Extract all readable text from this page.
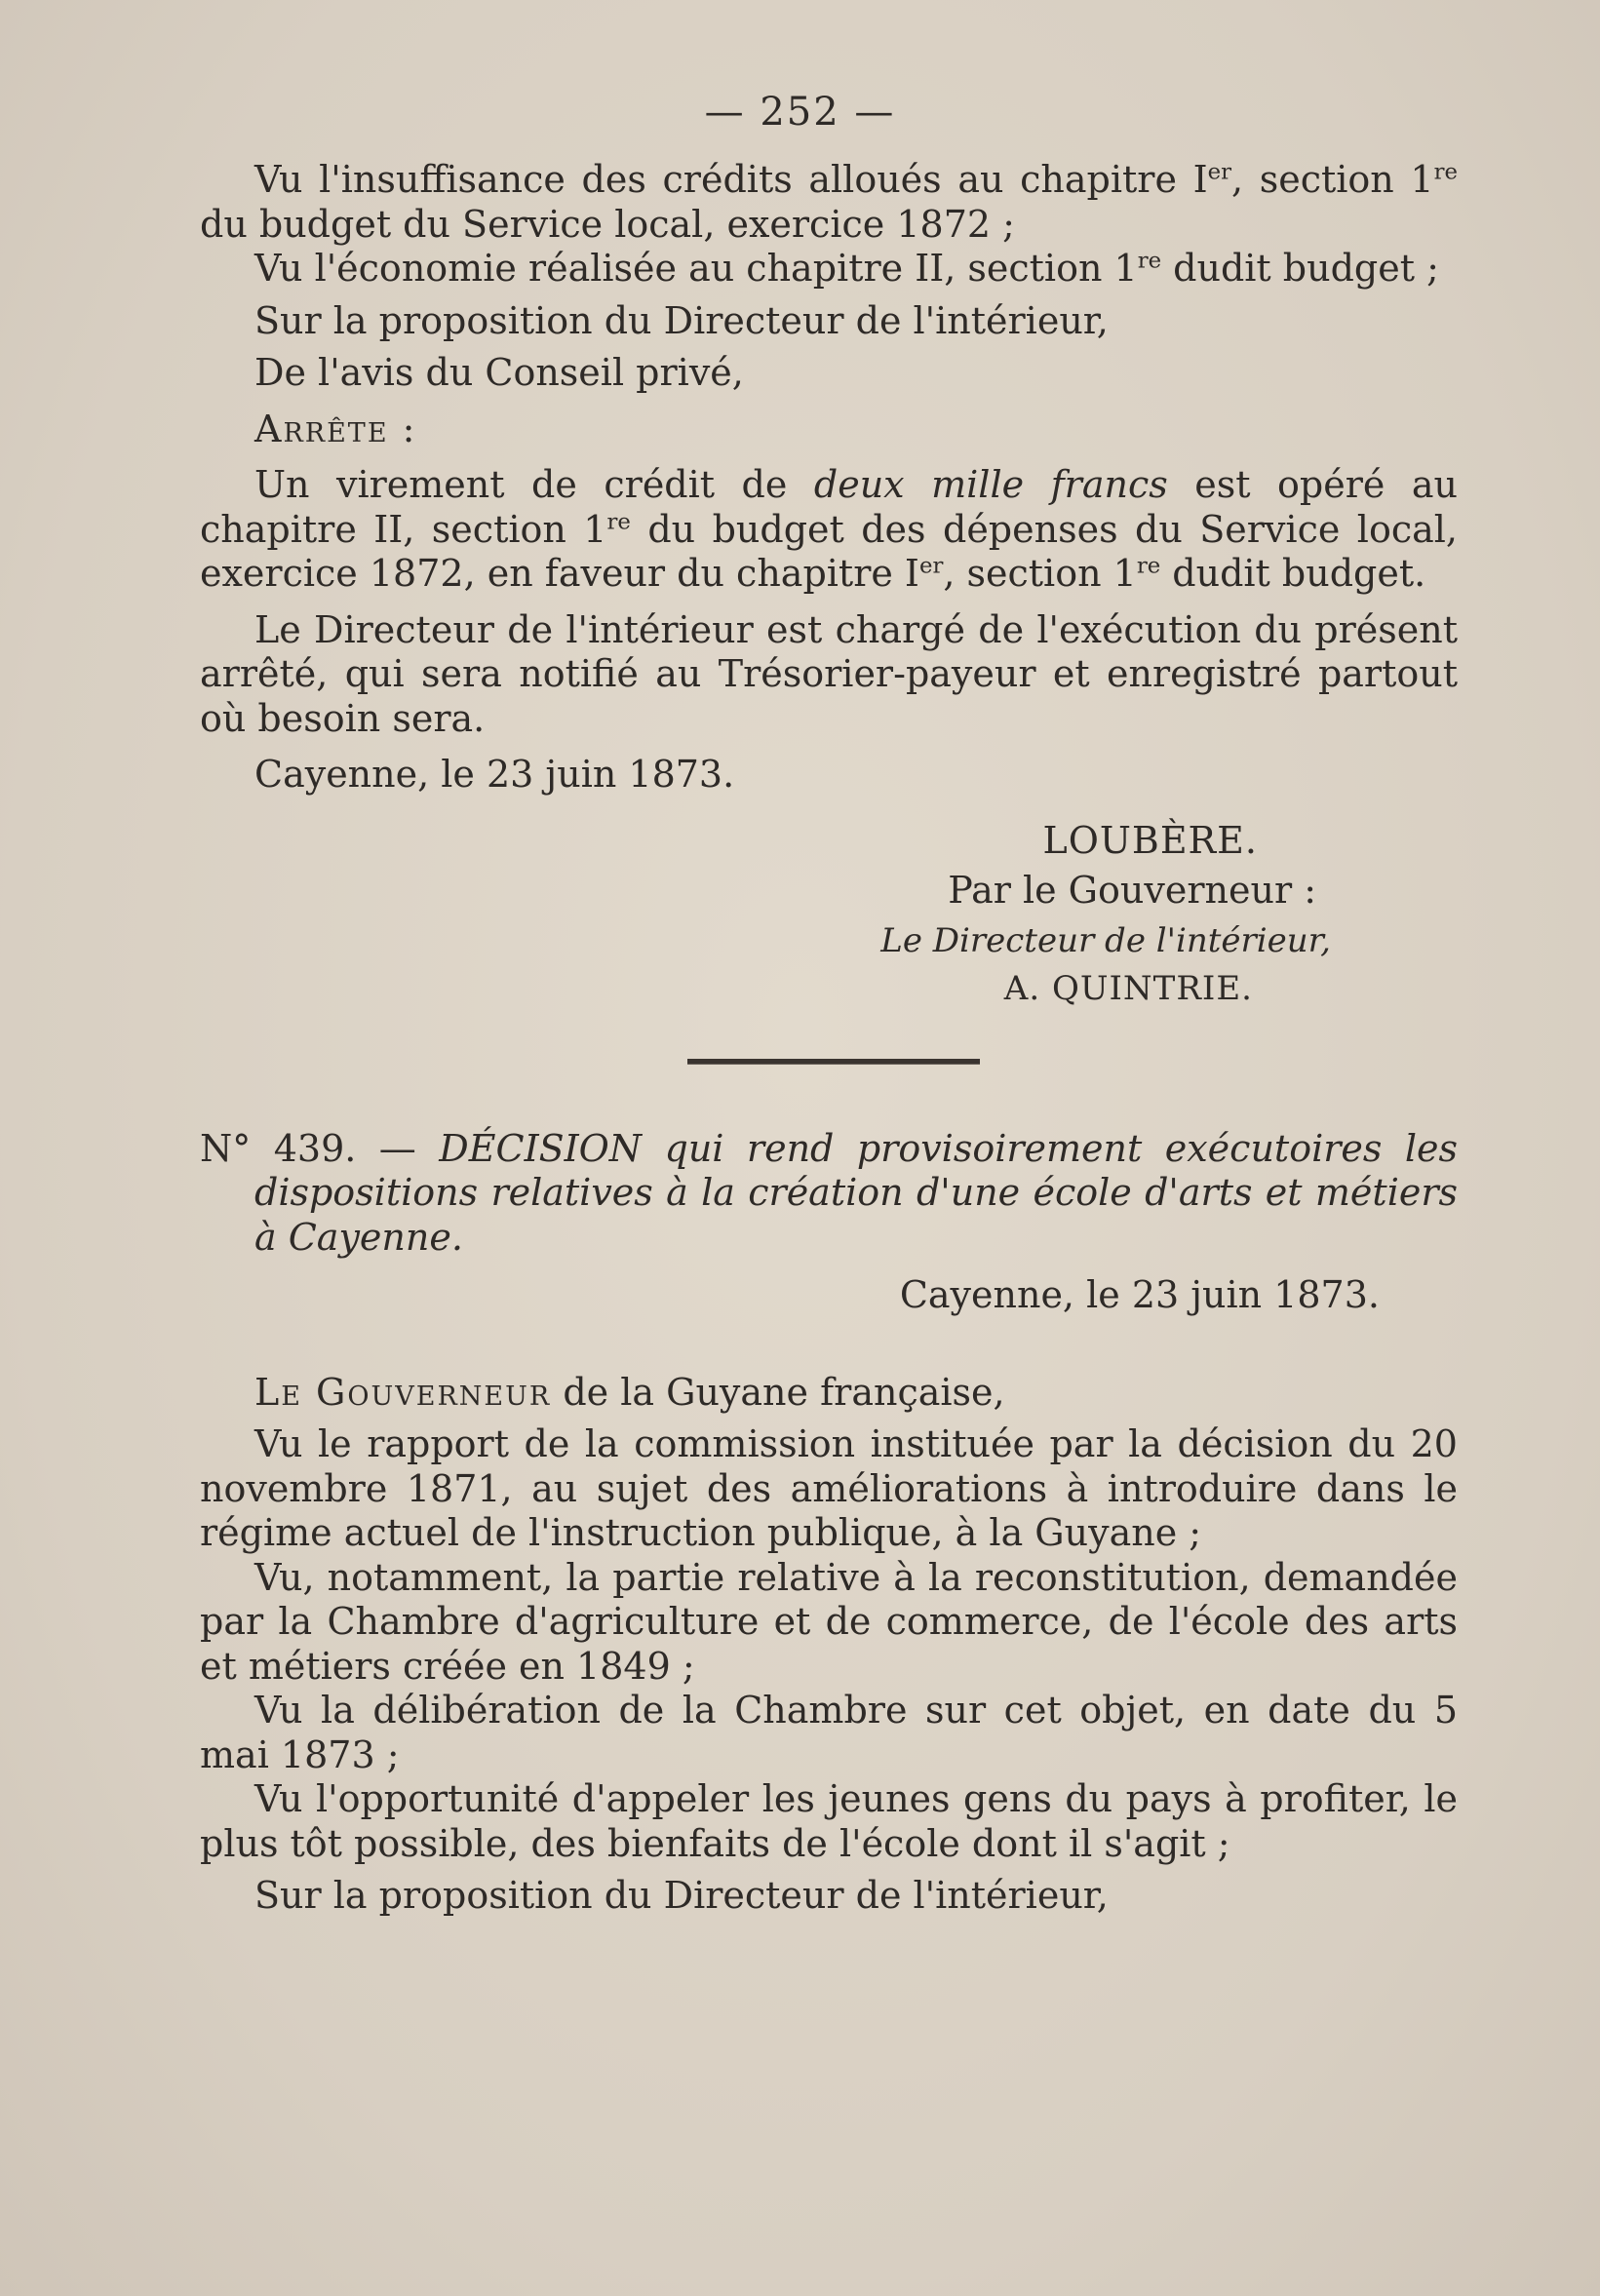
— 252 —

Vu l'insuffisance des crédits alloués au chapitre Ier, section 1re du budget du Service local, exercice 1872 ;

Vu l'économie réalisée au chapitre II, section 1re dudit budget ;

Sur la proposition du Directeur de l'intérieur,

De l'avis du Conseil privé,

Arrête :

Un virement de crédit de deux mille francs est opéré au chapitre II, section 1re du budget des dépenses du Service local, exercice 1872, en faveur du chapitre Ier, section 1re dudit budget.

Le Directeur de l'intérieur est chargé de l'exécution du présent arrêté, qui sera notifié au Trésorier-payeur et enregistré partout où besoin sera.

Cayenne, le 23 juin 1873.

LOUBÈRE.

Par le Gouverneur :

Le Directeur de l'intérieur,

A. QUINTRIE.

N° 439. — DÉCISION qui rend provisoirement exécutoires les dispositions relatives à la création d'une école d'arts et métiers à Cayenne.

Cayenne, le 23 juin 1873.

Le Gouverneur de la Guyane française,

Vu le rapport de la commission instituée par la décision du 20 novembre 1871, au sujet des améliorations à introduire dans le régime actuel de l'instruction publique, à la Guyane ;

Vu, notamment, la partie relative à la reconstitution, demandée par la Chambre d'agriculture et de commerce, de l'école des arts et métiers créée en 1849 ;

Vu la délibération de la Chambre sur cet objet, en date du 5 mai 1873 ;

Vu l'opportunité d'appeler les jeunes gens du pays à profiter, le plus tôt possible, des bienfaits de l'école dont il s'agit ;

Sur la proposition du Directeur de l'intérieur,
